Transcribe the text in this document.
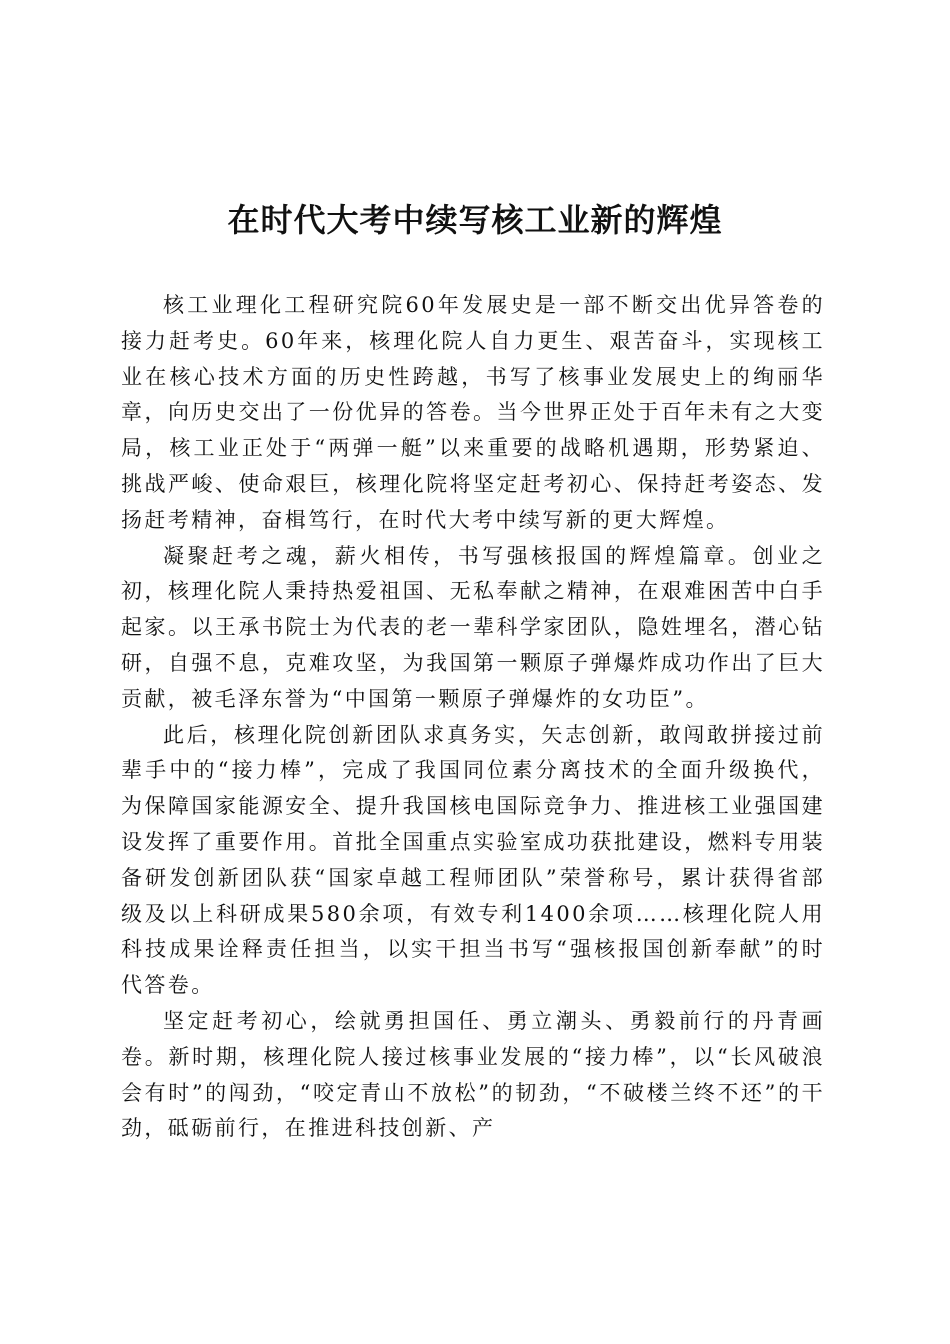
在时代大考中续写核工业新的辉煌

核工业理化工程研究院60年发展史是一部不断交出优异答卷的接力赶考史。60年来，核理化院人自力更生、艰苦奋斗，实现核工业在核心技术方面的历史性跨越，书写了核事业发展史上的绚丽华章，向历史交出了一份优异的答卷。当今世界正处于百年未有之大变局，核工业正处于“两弹一艇”以来重要的战略机遇期，形势紧迫、挑战严峻、使命艰巨，核理化院将坚定赶考初心、保持赶考姿态、发扬赶考精神，奋楫笃行，在时代大考中续写新的更大辉煌。

凝聚赶考之魂，薪火相传，书写强核报国的辉煌篇章。创业之初，核理化院人秉持热爱祖国、无私奉献之精神，在艰难困苦中白手起家。以王承书院士为代表的老一辈科学家团队，隐姓埋名，潜心钻研，自强不息，克难攻坚，为我国第一颗原子弹爆炸成功作出了巨大贡献，被毛泽东誉为“中国第一颗原子弹爆炸的女功臣”。

此后，核理化院创新团队求真务实，矢志创新，敢闯敢拼接过前辈手中的“接力棒”，完成了我国同位素分离技术的全面升级换代，为保障国家能源安全、提升我国核电国际竞争力、推进核工业强国建设发挥了重要作用。首批全国重点实验室成功获批建设，燃料专用装备研发创新团队获“国家卓越工程师团队”荣誉称号，累计获得省部级及以上科研成果580余项，有效专利1400余项……核理化院人用科技成果诠释责任担当，以实干担当书写“强核报国创新奉献”的时代答卷。

坚定赶考初心，绘就勇担国任、勇立潮头、勇毅前行的丹青画卷。新时期，核理化院人接过核事业发展的“接力棒”，以“长风破浪会有时”的闯劲，“咬定青山不放松”的韧劲，“不破楼兰终不还”的干劲，砥砺前行，在推进科技创新、产
